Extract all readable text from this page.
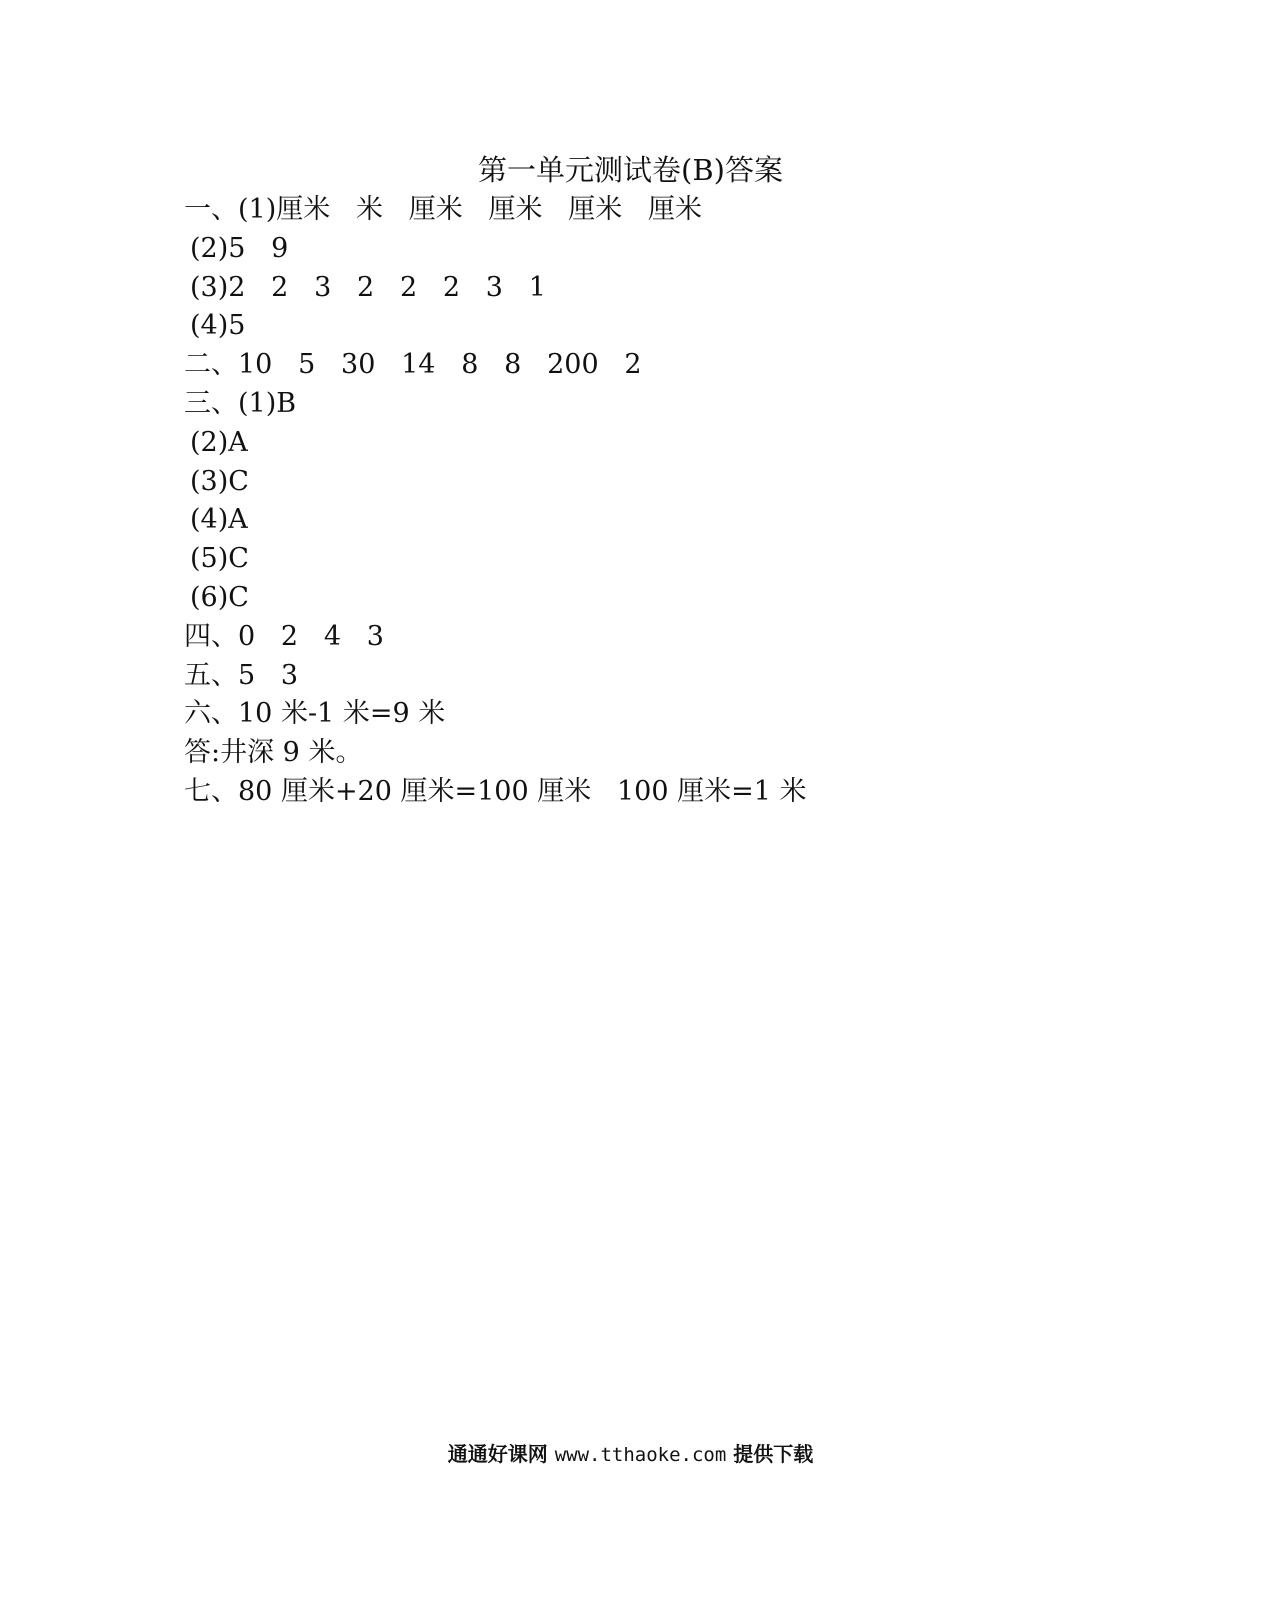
第一单元测试卷(B)答案
一、(1)厘米   米   厘米   厘米   厘米   厘米
(2)5   9
(3)2   2   3   2   2   2   3   1
(4)5
二、10   5   30   14   8   8   200   2
三、(1)B
(2)A
(3)C
(4)A
(5)C
(6)C
四、0   2   4   3
五、5   3
六、10 米-1 米=9 米
答:井深 9 米。
七、80 厘米+20 厘米=100 厘米   100 厘米=1 米
通通好课网 www.tthaoke.com 提供下载
